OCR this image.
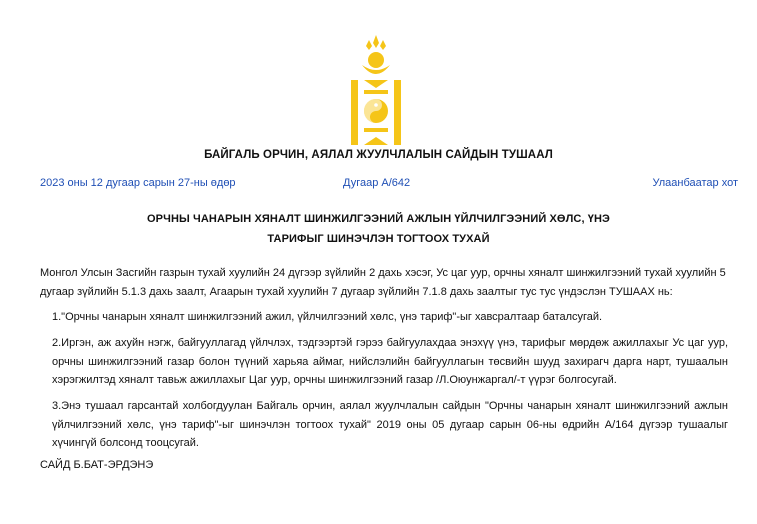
БАЙГАЛЬ ОРЧИН, АЯЛАЛ ЖУУЛЧЛАЛЫН САЙДЫН ТУШААЛ
2023 оны 12 дугаар сарын 27-ны өдөр	Дугаар А/642	Улаанбаатар хот
ОРЧНЫ ЧАНАРЫН ХЯНАЛТ ШИНЖИЛГЭЭНИЙ АЖЛЫН ҮЙЛЧИЛГЭЭНИЙ ХӨЛС, ҮНЭ
ТАРИФЫГ ШИНЭЧЛЭН ТОГТООХ ТУХАЙ

Монгол Улсын Засгийн газрын тухай хуулийн 24 дүгээр зүйлийн 2 дахь хэсэг, Ус цаг уур, орчны хяналт шинжилгээний тухай хуулийн 5 дугаар зүйлийн 5.1.3 дахь заалт, Агаарын тухай хуулийн 7 дугаар зүйлийн 7.1.8 дахь заалтыг тус тус үндэслэн ТУШААХ нь:

1."Орчны чанарын хяналт шинжилгээний ажил, үйлчилгээний хөлс, үнэ тариф"-ыг хавсралтаар баталсугай.

2.Иргэн, аж ахуйн нэгж, байгууллагад үйлчлэх, тэдгээртэй гэрээ байгуулахдаа энэхүү үнэ, тарифыг мөрдөж ажиллахыг Ус цаг уур, орчны шинжилгээний газар болон түүний харьяа аймаг, нийслэлийн байгууллагын төсвийн шууд захирагч дарга нарт, тушаалын хэрэгжилтэд хяналт тавьж ажиллахыг Цаг уур, орчны шинжилгээний газар /Л.Оюунжаргал/-т үүрэг болгосугай.

3.Энэ тушаал гарсантай холбогдуулан Байгаль орчин, аялал жуулчлалын сайдын "Орчны чанарын хяналт шинжилгээний ажлын үйлчилгээний хөлс, үнэ тариф"-ыг шинэчлэн тогтоох тухай" 2019 оны 05 дугаар сарын 06-ны өдрийн А/164 дүгээр тушаалыг хүчингүй болсонд тооцсугай.

САЙД Б.БАТ-ЭРДЭНЭ
